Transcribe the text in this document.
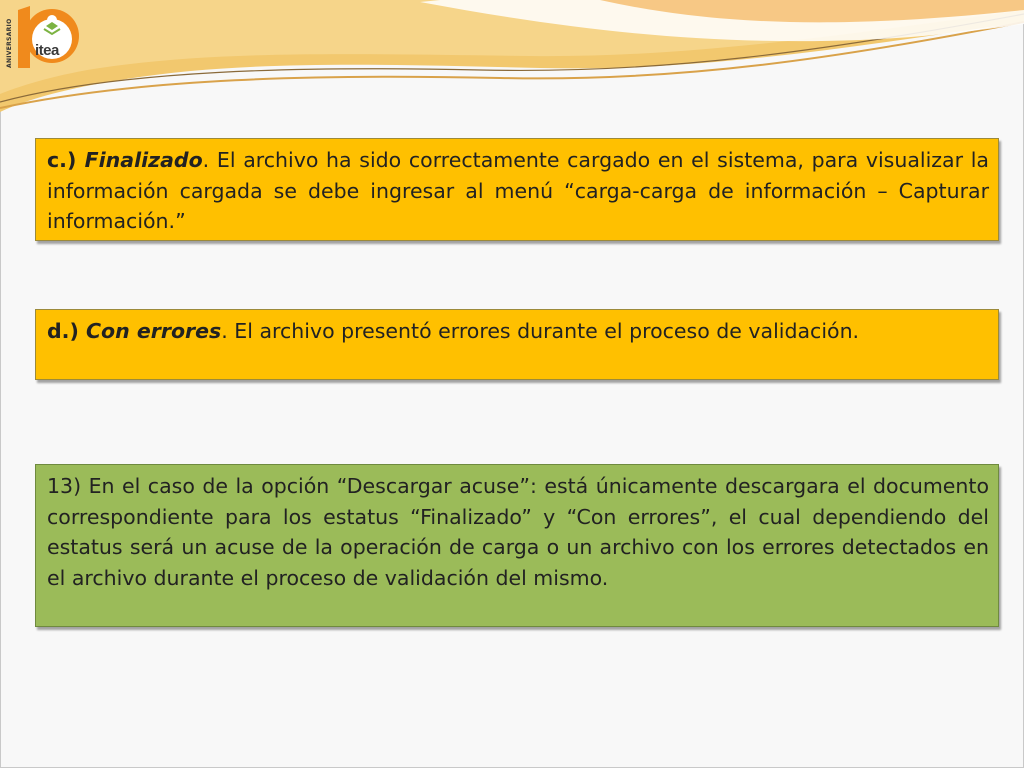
ANIVERSARIO itea
c.) Finalizado. El archivo ha sido correctamente cargado en el sistema, para visualizar la información cargada se debe ingresar al menú “carga-carga de información – Capturar información.”
d.) Con errores. El archivo presentó errores durante el proceso de validación.
13) En el caso de la opción “Descargar acuse”: está únicamente descargara el documento correspondiente para los estatus “Finalizado” y “Con errores”, el cual dependiendo del estatus será un acuse de la operación de carga o un archivo con los errores detectados en el archivo durante el proceso de validación del mismo.
